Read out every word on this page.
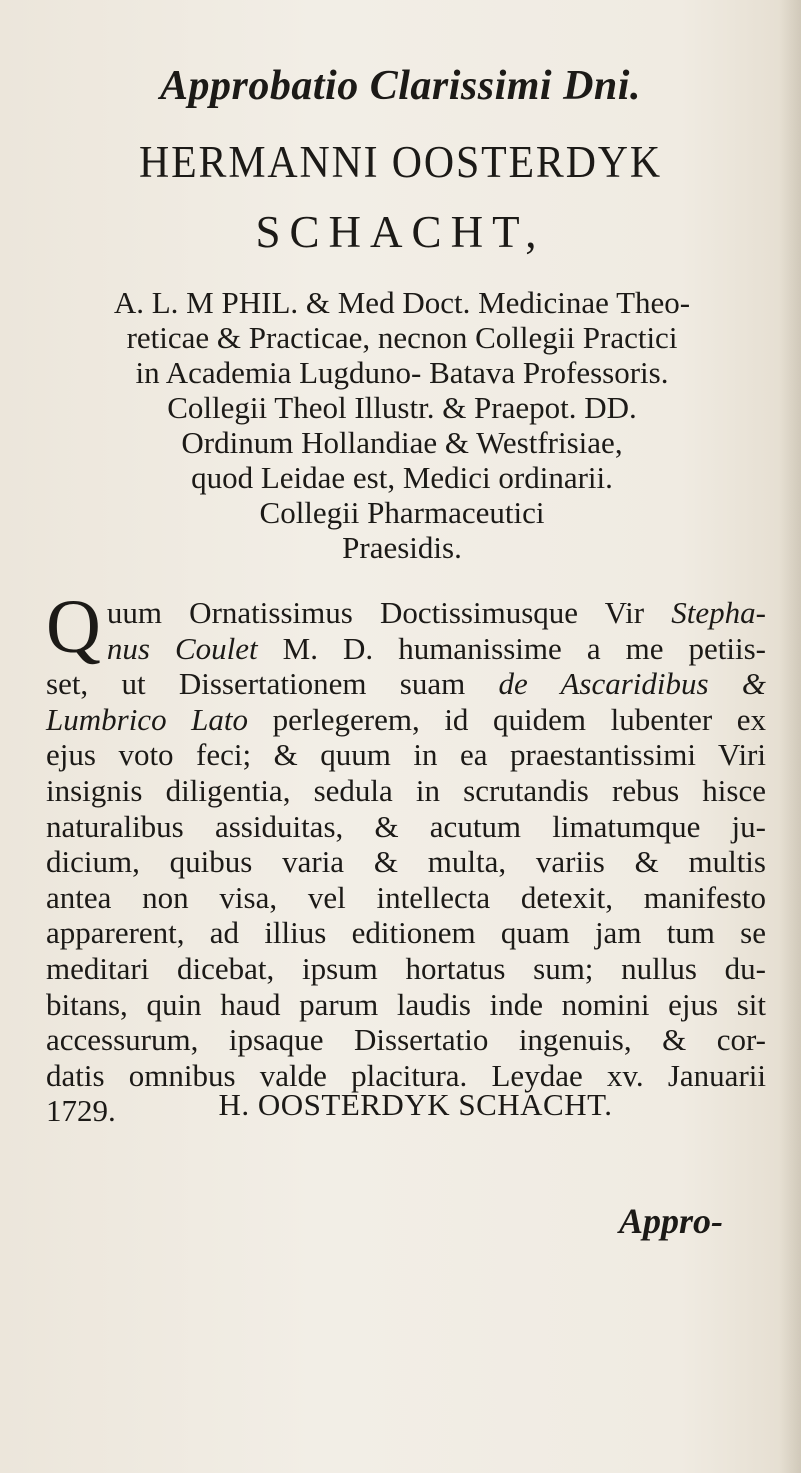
Approbatio Clarissimi Dni.
HERMANNI OOSTERDYK
SCHACHT,
A. L. M PHIL. & Med Doct. Medicinae Theo-
reticae & Practicae, necnon Collegii Practici
in Academia Lugduno- Batava Professoris.
Collegii Theol Illustr. & Praepot. DD.
Ordinum Hollandiae & Westfrisiae,
quod Leidae est, Medici ordinarii.
Collegii Pharmaceutici
Praesidis.
Q uum Ornatissimus Doctissimusque Vir Stepha-
nus Coulet M. D. humanissime a me petiis-
set, ut Dissertationem suam de Ascaridibus &
Lumbrico Lato perlegerem, id quidem lubenter ex
ejus voto feci; & quum in ea praestantissimi Viri
insignis diligentia, sedula in scrutandis rebus hisce
naturalibus assiduitas, & acutum limatumque ju-
dicium, quibus varia & multa, variis & multis
antea non visa, vel intellecta detexit, manifesto
apparerent, ad illius editionem quam jam tum se
meditari dicebat, ipsum hortatus sum; nullus du-
bitans, quin haud parum laudis inde nomini ejus sit
accessurum, ipsaque Dissertatio ingenuis, & cor-
datis omnibus valde placitura. Leydae xv. Januarii
1729.	H. OOSTERDYK SCHACHT.
Appro-
